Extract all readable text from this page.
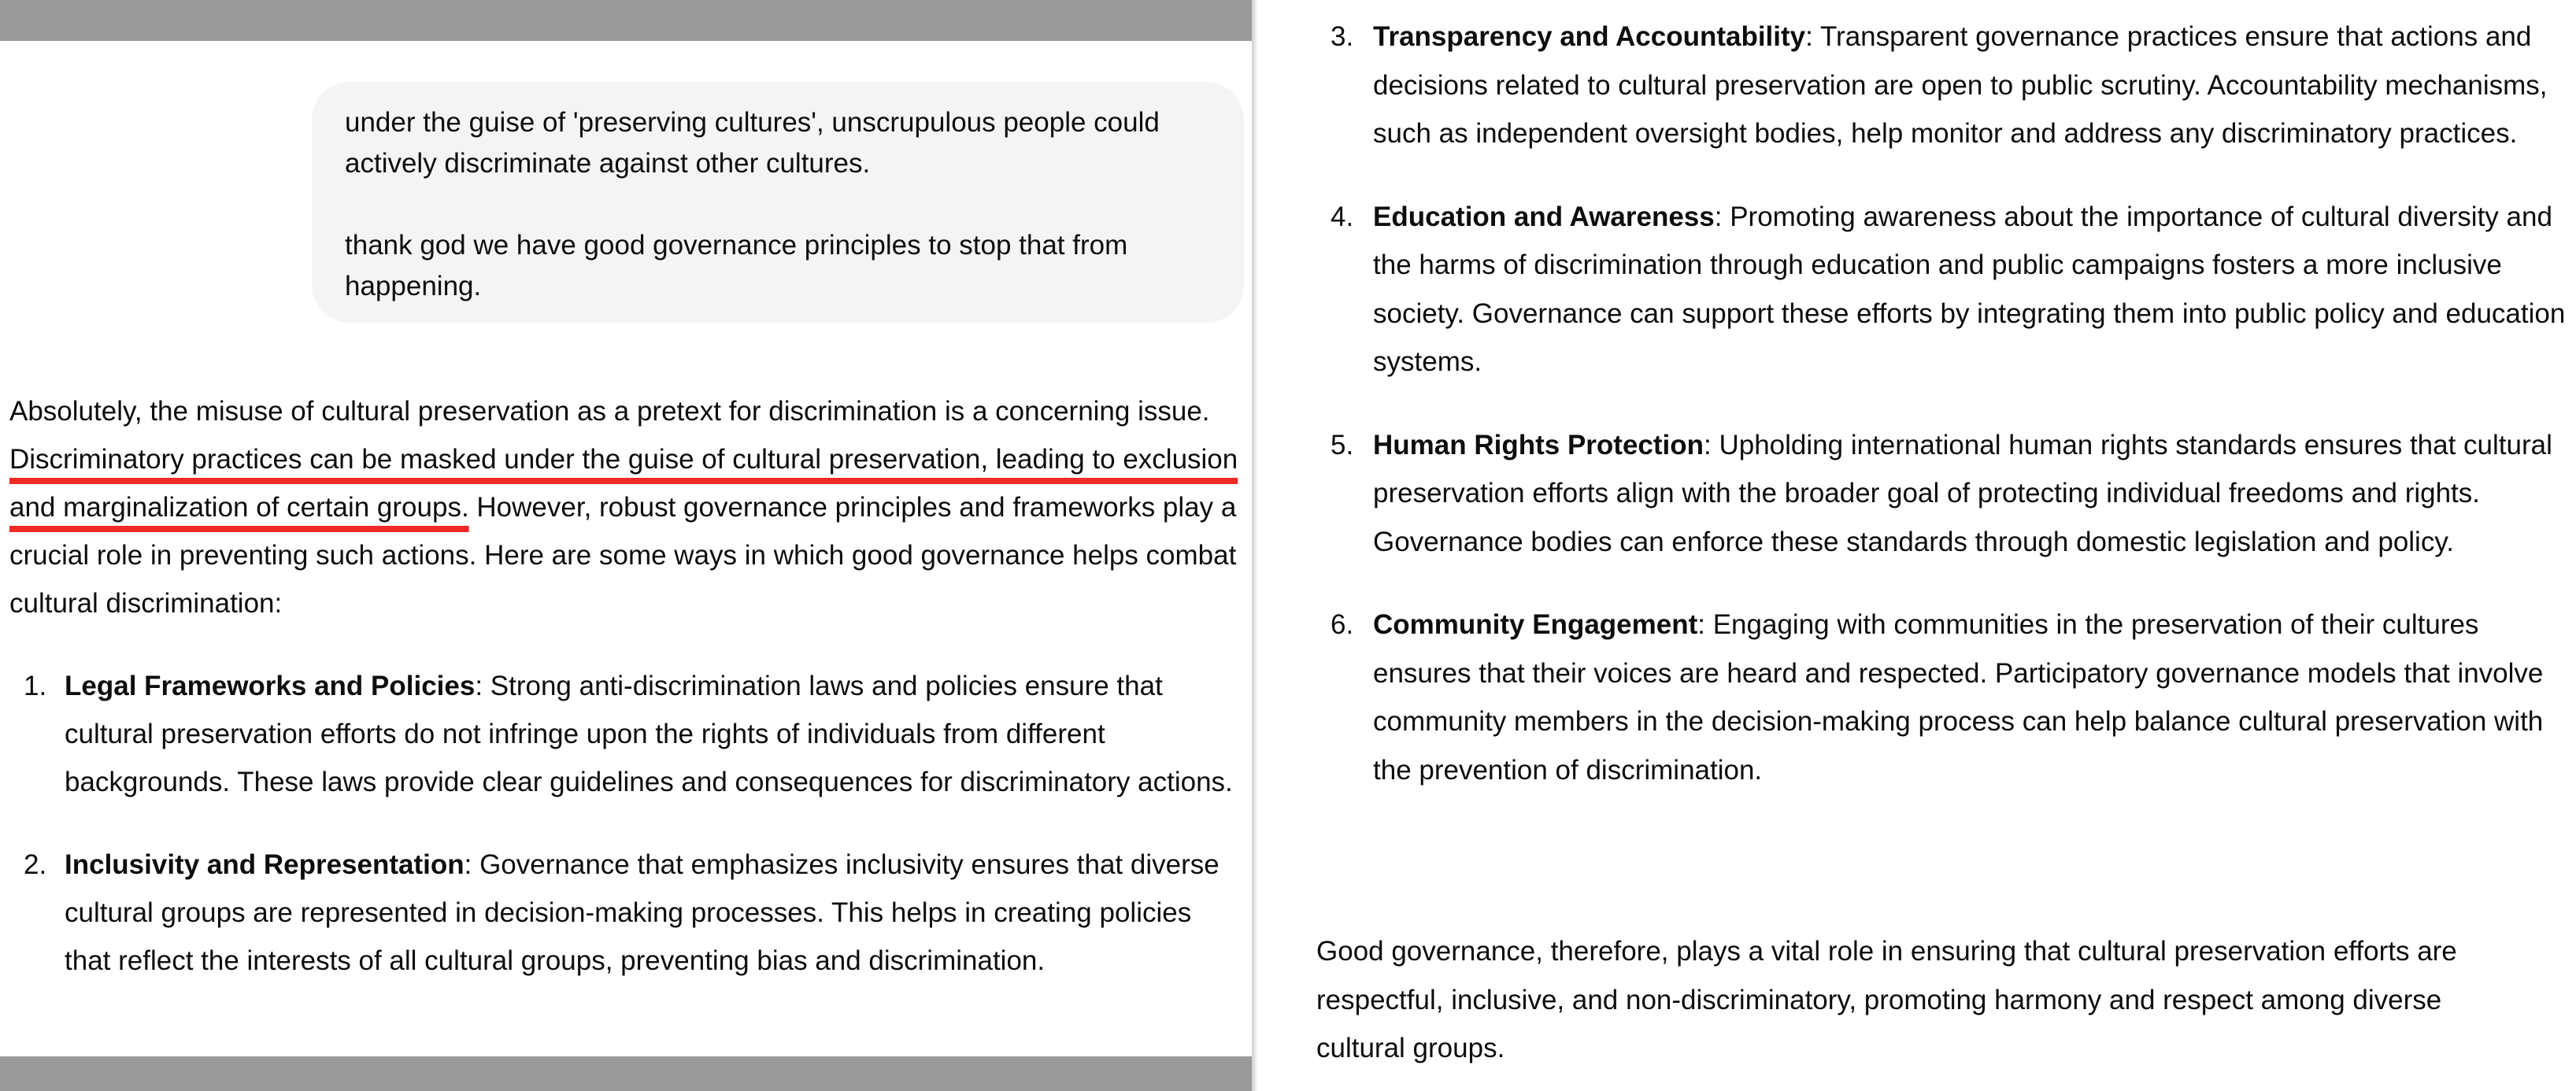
under the guise of 'preserving cultures', unscrupulous people could actively discriminate against other cultures.

thank god we have good governance principles to stop that from happening.

Absolutely, the misuse of cultural preservation as a pretext for discrimination is a concerning issue. Discriminatory practices can be masked under the guise of cultural preservation, leading to exclusion and marginalization of certain groups. However, robust governance principles and frameworks play a crucial role in preventing such actions. Here are some ways in which good governance helps combat cultural discrimination:

1. Legal Frameworks and Policies: Strong anti-discrimination laws and policies ensure that cultural preservation efforts do not infringe upon the rights of individuals from different backgrounds. These laws provide clear guidelines and consequences for discriminatory actions.
2. Inclusivity and Representation: Governance that emphasizes inclusivity ensures that diverse cultural groups are represented in decision-making processes. This helps in creating policies that reflect the interests of all cultural groups, preventing bias and discrimination.
3. Transparency and Accountability: Transparent governance practices ensure that actions and decisions related to cultural preservation are open to public scrutiny. Accountability mechanisms, such as independent oversight bodies, help monitor and address any discriminatory practices.
4. Education and Awareness: Promoting awareness about the importance of cultural diversity and the harms of discrimination through education and public campaigns fosters a more inclusive society. Governance can support these efforts by integrating them into public policy and education systems.
5. Human Rights Protection: Upholding international human rights standards ensures that cultural preservation efforts align with the broader goal of protecting individual freedoms and rights. Governance bodies can enforce these standards through domestic legislation and policy.
6. Community Engagement: Engaging with communities in the preservation of their cultures ensures that their voices are heard and respected. Participatory governance models that involve community members in the decision-making process can help balance cultural preservation with the prevention of discrimination.

Good governance, therefore, plays a vital role in ensuring that cultural preservation efforts are respectful, inclusive, and non-discriminatory, promoting harmony and respect among diverse cultural groups.
